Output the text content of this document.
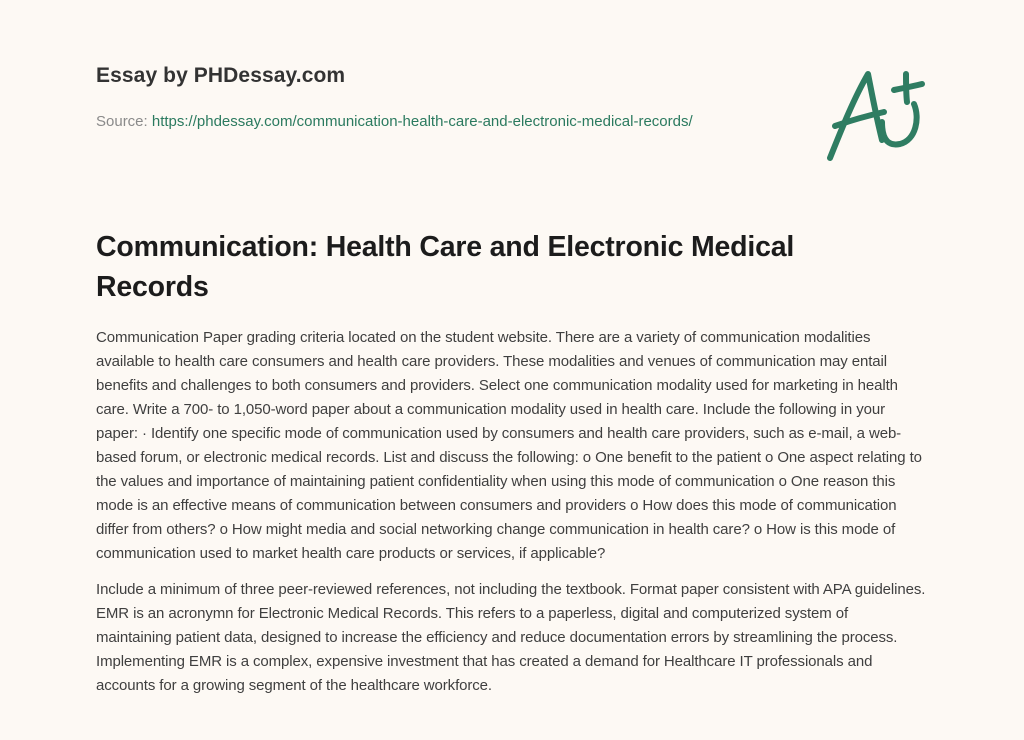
Essay by PHDessay.com
Source: https://phdessay.com/communication-health-care-and-electronic-medical-records/
Communication: Health Care and Electronic Medical Records

Communication Paper grading criteria located on the student website. There are a variety of communication modalities available to health care consumers and health care providers. These modalities and venues of communication may entail benefits and challenges to both consumers and providers. Select one communication modality used for marketing in health care. Write a 700- to 1,050-word paper about a communication modality used in health care. Include the following in your paper: · Identify one specific mode of communication used by consumers and health care providers, such as e-mail, a web-based forum, or electronic medical records. List and discuss the following: o One benefit to the patient o One aspect relating to the values and importance of maintaining patient confidentiality when using this mode of communication o One reason this mode is an effective means of communication between consumers and providers o How does this mode of communication differ from others? o How might media and social networking change communication in health care? o How is this mode of communication used to market health care products or services, if applicable?

Include a minimum of three peer-reviewed references, not including the textbook. Format paper consistent with APA guidelines. EMR is an acronymn for Electronic Medical Records. This refers to a paperless, digital and computerized system of maintaining patient data, designed to increase the efficiency and reduce documentation errors by streamlining the process. Implementing EMR is a complex, expensive investment that has created a demand for Healthcare IT professionals and accounts for a growing segment of the healthcare workforce.
